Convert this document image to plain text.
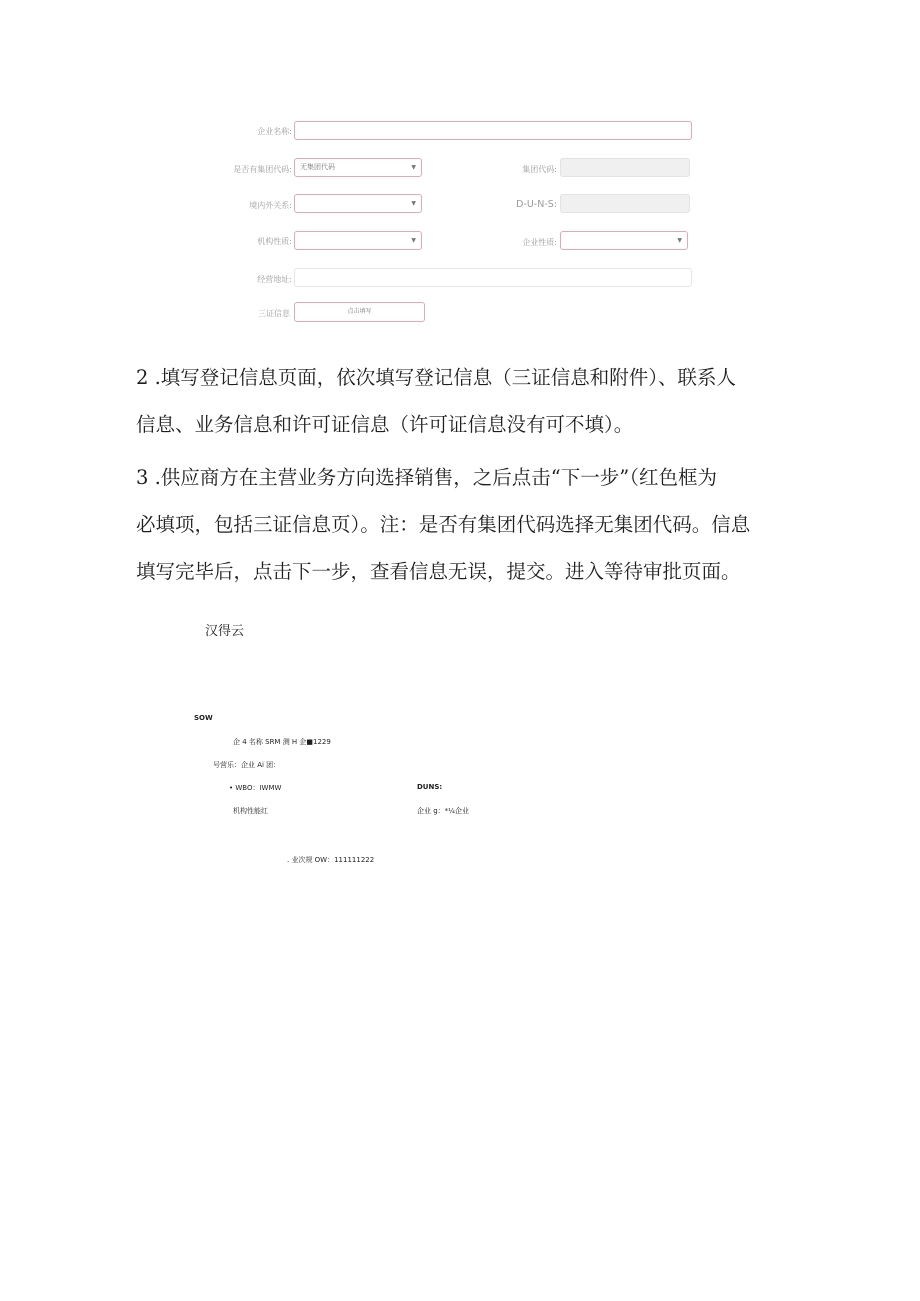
企业名称:
是否有集团代码:	无集团代码	▼	集团代码:
境内外关系:	▼	D-U-N-S:
机构性质:	▼	企业性质:	▼
经营地址:
三证信息	点击填写
2 .填写登记信息页面，依次填写登记信息（三证信息和附件）、联系人
信息、业务信息和许可证信息（许可证信息没有可不填）。
3 .供应商方在主营业务方向选择销售，之后点击“下一步”（红色框为
必填项，包括三证信息页）。注：是否有集团代码选择无集团代码。信息
填写完毕后，点击下一步，查看信息无误，提交。进入等待审批页面。
汉得云
SOW
企 4 名称 SRM 测 H 企■1229
号营乐：企业 Ai 团：
• WBO：IWMW	DUNS:
机构性能红	企业 g：*¼企业
. 业次规 OW：111111222
